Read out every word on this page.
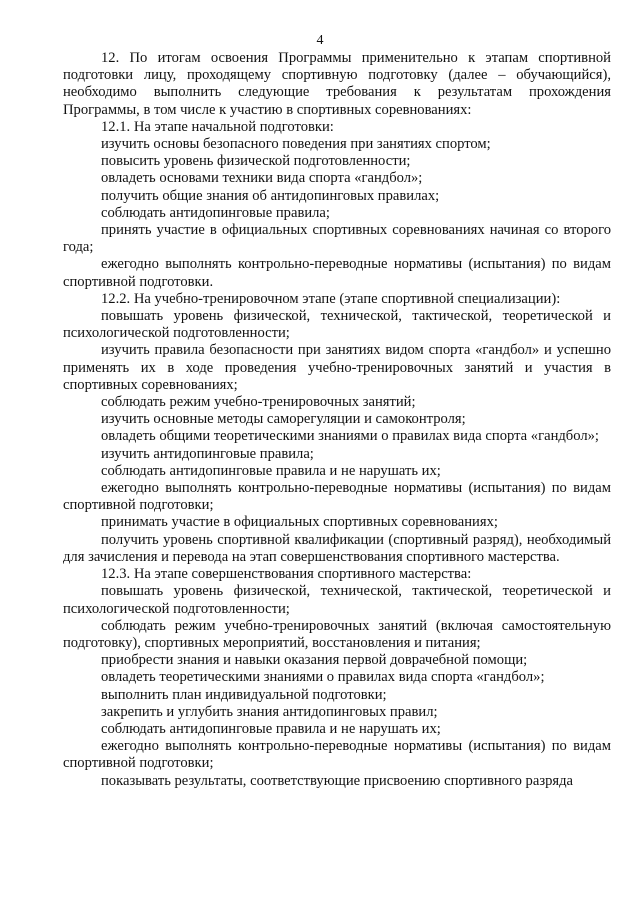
4

12. По итогам освоения Программы применительно к этапам спортивной подготовки лицу, проходящему спортивную подготовку (далее – обучающийся), необходимо выполнить следующие требования к результатам прохождения Программы, в том числе к участию в спортивных соревнованиях:

12.1. На этапе начальной подготовки:

изучить основы безопасного поведения при занятиях спортом;

повысить уровень физической подготовленности;

овладеть основами техники вида спорта «гандбол»;

получить общие знания об антидопинговых правилах;

соблюдать антидопинговые правила;

принять участие в официальных спортивных соревнованиях начиная со второго года;

ежегодно выполнять контрольно-переводные нормативы (испытания) по видам спортивной подготовки.

12.2. На учебно-тренировочном этапе (этапе спортивной специализации):

повышать уровень физической, технической, тактической, теоретической и психологической подготовленности;

изучить правила безопасности при занятиях видом спорта «гандбол» и успешно применять их в ходе проведения учебно-тренировочных занятий и участия в спортивных соревнованиях;

соблюдать режим учебно-тренировочных занятий;

изучить основные методы саморегуляции и самоконтроля;

овладеть общими теоретическими знаниями о правилах вида спорта «гандбол»;

изучить антидопинговые правила;

соблюдать антидопинговые правила и не нарушать их;

ежегодно выполнять контрольно-переводные нормативы (испытания) по видам спортивной подготовки;

принимать участие в официальных спортивных соревнованиях;

получить уровень спортивной квалификации (спортивный разряд), необходимый для зачисления и перевода на этап совершенствования спортивного мастерства.

12.3. На этапе совершенствования спортивного мастерства:

повышать уровень физической, технической, тактической, теоретической и психологической подготовленности;

соблюдать режим учебно-тренировочных занятий (включая самостоятельную подготовку), спортивных мероприятий, восстановления и питания;

приобрести знания и навыки оказания первой доврачебной помощи;

овладеть теоретическими знаниями о правилах вида спорта «гандбол»;

выполнить план индивидуальной подготовки;

закрепить и углубить знания антидопинговых правил;

соблюдать антидопинговые правила и не нарушать их;

ежегодно выполнять контрольно-переводные нормативы (испытания) по видам спортивной подготовки;

показывать результаты, соответствующие присвоению спортивного разряда
